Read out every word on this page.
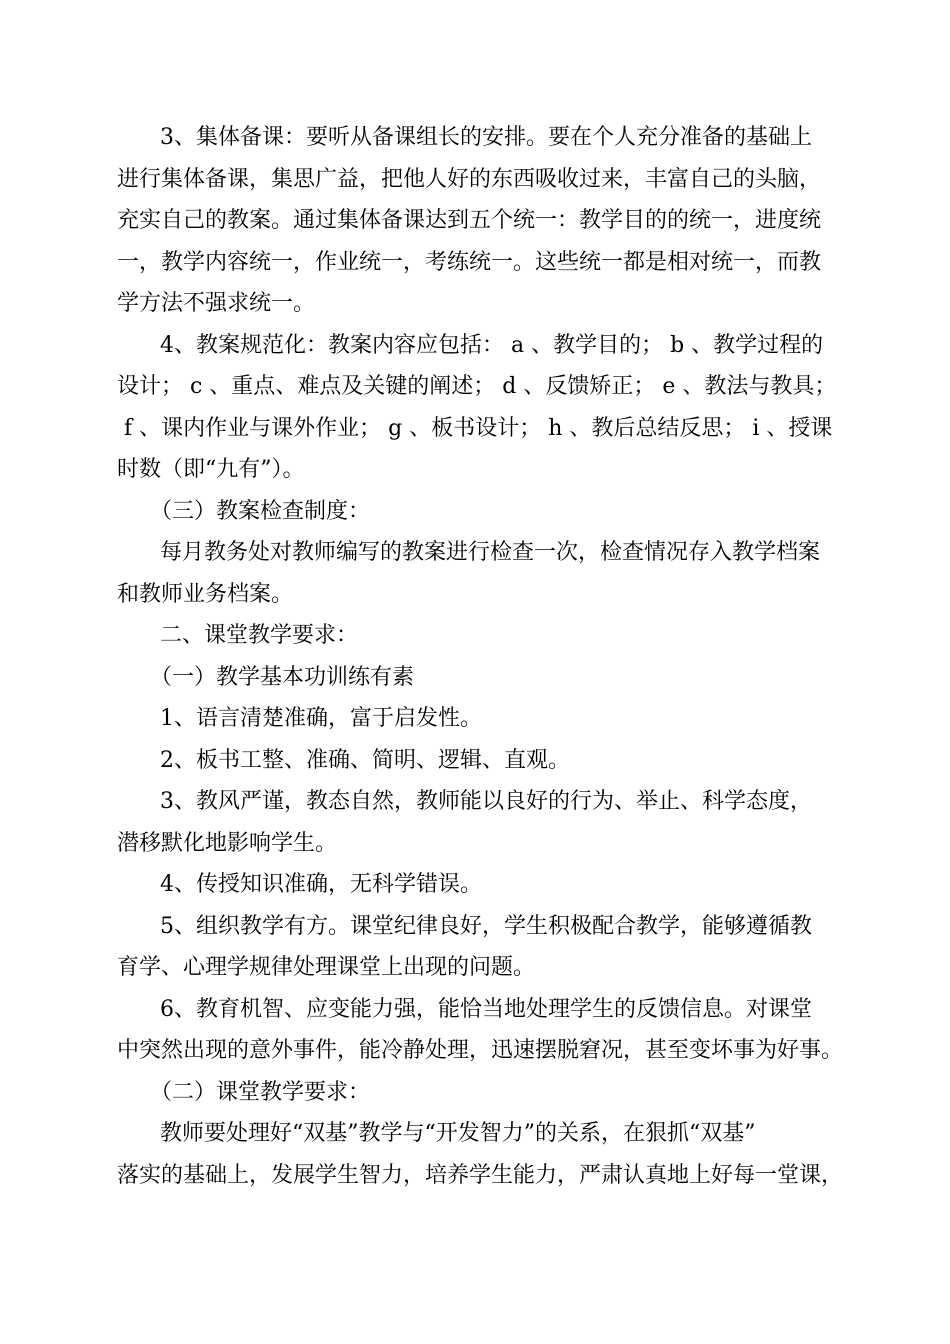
3、集体备课：要听从备课组长的安排。要在个人充分准备的基础上
进行集体备课，集思广益，把他人好的东西吸收过来，丰富自己的头脑，
充实自己的教案。通过集体备课达到五个统一：教学目的的统一，进度统
一，教学内容统一，作业统一，考练统一。这些统一都是相对统一，而教
学方法不强求统一。
4、教案规范化：教案内容应包括： a 、教学目的； b 、教学过程的
设计； c 、重点、难点及关键的阐述； d 、反馈矫正； e 、教法与教具；
f 、课内作业与课外作业； g 、板书设计； h 、教后总结反思； i 、授课
时数（即“九有”）。
（三）教案检查制度：
每月教务处对教师编写的教案进行检查一次，检查情况存入教学档案
和教师业务档案。
二、课堂教学要求：
（一）教学基本功训练有素
1、语言清楚准确，富于启发性。
2、板书工整、准确、简明、逻辑、直观。
3、教风严谨，教态自然，教师能以良好的行为、举止、科学态度，
潜移默化地影响学生。
4、传授知识准确，无科学错误。
5、组织教学有方。课堂纪律良好，学生积极配合教学，能够遵循教
育学、心理学规律处理课堂上出现的问题。
6、教育机智、应变能力强，能恰当地处理学生的反馈信息。对课堂
中突然出现的意外事件，能冷静处理，迅速摆脱窘况，甚至变坏事为好事。
（二）课堂教学要求：
教师要处理好“双基”教学与“开发智力”的关系，在狠抓“双基”
落实的基础上，发展学生智力，培养学生能力，严肃认真地上好每一堂课，
